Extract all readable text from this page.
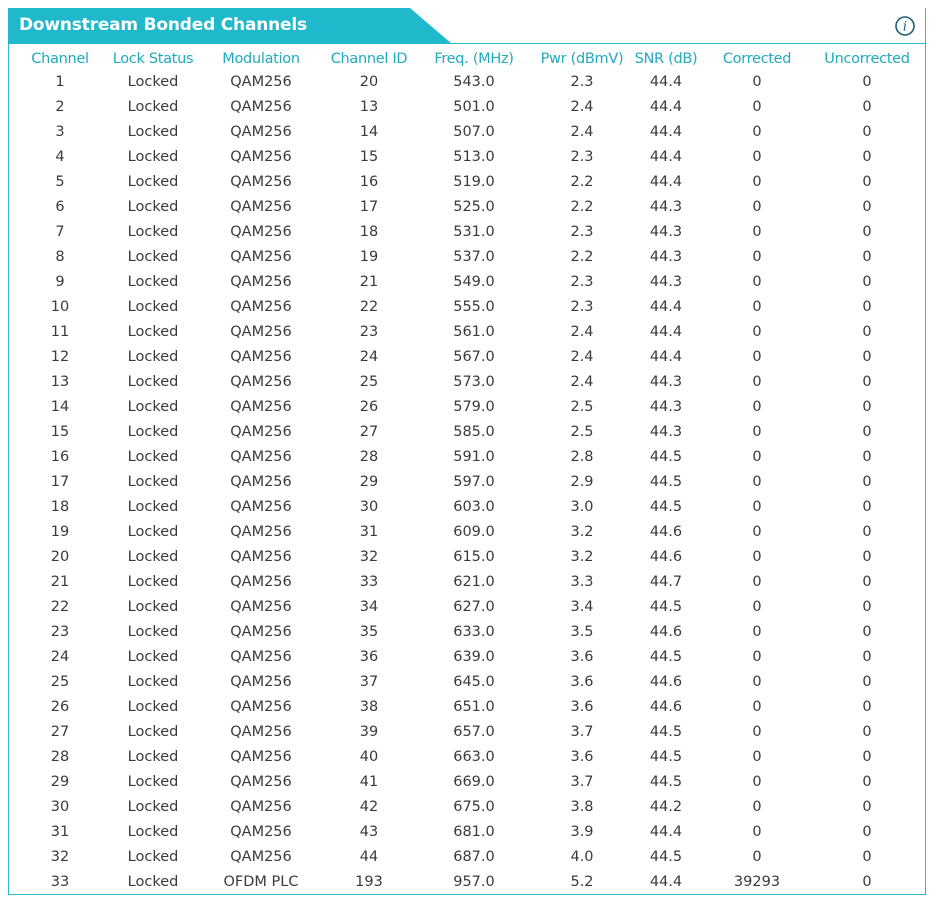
Downstream Bonded Channels	i
Channel	Lock Status	Modulation	Channel ID	Freq. (MHz)	Pwr (dBmV)	SNR (dB)	Corrected	Uncorrected
1	Locked	QAM256	20	543.0	2.3	44.4	0	0
2	Locked	QAM256	13	501.0	2.4	44.4	0	0
3	Locked	QAM256	14	507.0	2.4	44.4	0	0
4	Locked	QAM256	15	513.0	2.3	44.4	0	0
5	Locked	QAM256	16	519.0	2.2	44.4	0	0
6	Locked	QAM256	17	525.0	2.2	44.3	0	0
7	Locked	QAM256	18	531.0	2.3	44.3	0	0
8	Locked	QAM256	19	537.0	2.2	44.3	0	0
9	Locked	QAM256	21	549.0	2.3	44.3	0	0
10	Locked	QAM256	22	555.0	2.3	44.4	0	0
11	Locked	QAM256	23	561.0	2.4	44.4	0	0
12	Locked	QAM256	24	567.0	2.4	44.4	0	0
13	Locked	QAM256	25	573.0	2.4	44.3	0	0
14	Locked	QAM256	26	579.0	2.5	44.3	0	0
15	Locked	QAM256	27	585.0	2.5	44.3	0	0
16	Locked	QAM256	28	591.0	2.8	44.5	0	0
17	Locked	QAM256	29	597.0	2.9	44.5	0	0
18	Locked	QAM256	30	603.0	3.0	44.5	0	0
19	Locked	QAM256	31	609.0	3.2	44.6	0	0
20	Locked	QAM256	32	615.0	3.2	44.6	0	0
21	Locked	QAM256	33	621.0	3.3	44.7	0	0
22	Locked	QAM256	34	627.0	3.4	44.5	0	0
23	Locked	QAM256	35	633.0	3.5	44.6	0	0
24	Locked	QAM256	36	639.0	3.6	44.5	0	0
25	Locked	QAM256	37	645.0	3.6	44.6	0	0
26	Locked	QAM256	38	651.0	3.6	44.6	0	0
27	Locked	QAM256	39	657.0	3.7	44.5	0	0
28	Locked	QAM256	40	663.0	3.6	44.5	0	0
29	Locked	QAM256	41	669.0	3.7	44.5	0	0
30	Locked	QAM256	42	675.0	3.8	44.2	0	0
31	Locked	QAM256	43	681.0	3.9	44.4	0	0
32	Locked	QAM256	44	687.0	4.0	44.5	0	0
33	Locked	OFDM PLC	193	957.0	5.2	44.4	39293	0
